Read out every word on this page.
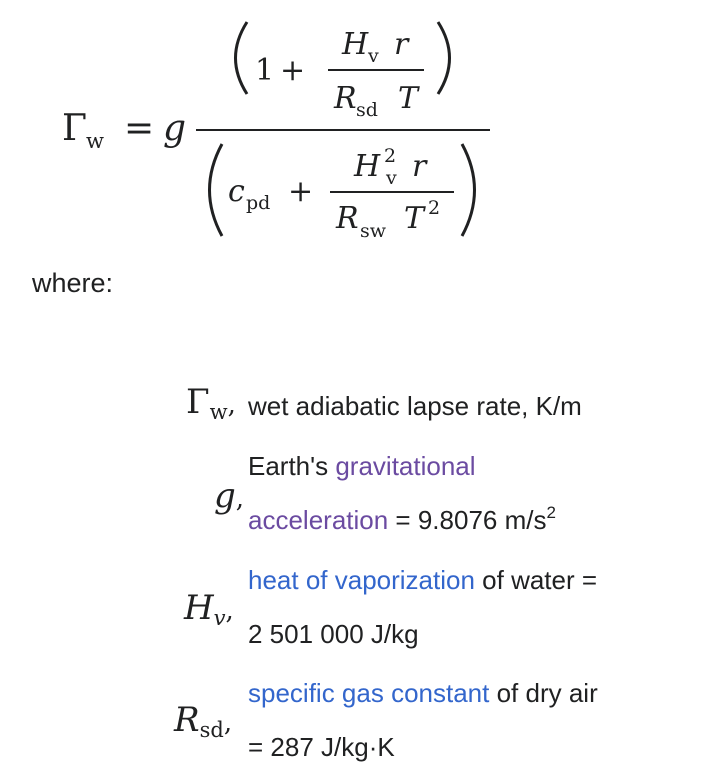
Γ w = g
1 +
H v r
R sd T
c pd +
H 2
v r
R sw T 2
where:
$\Gamma_w$, wet adiabatic lapse rate, K/m
g,
Earth's gravitational
acceleration = 9.8076 $m/s^2$
$H_v$,
heat of vaporization of water =
2 501 000 J/kg
$R_{sd}$,
specific gas constant of dry air
= 287 J/kg·K
